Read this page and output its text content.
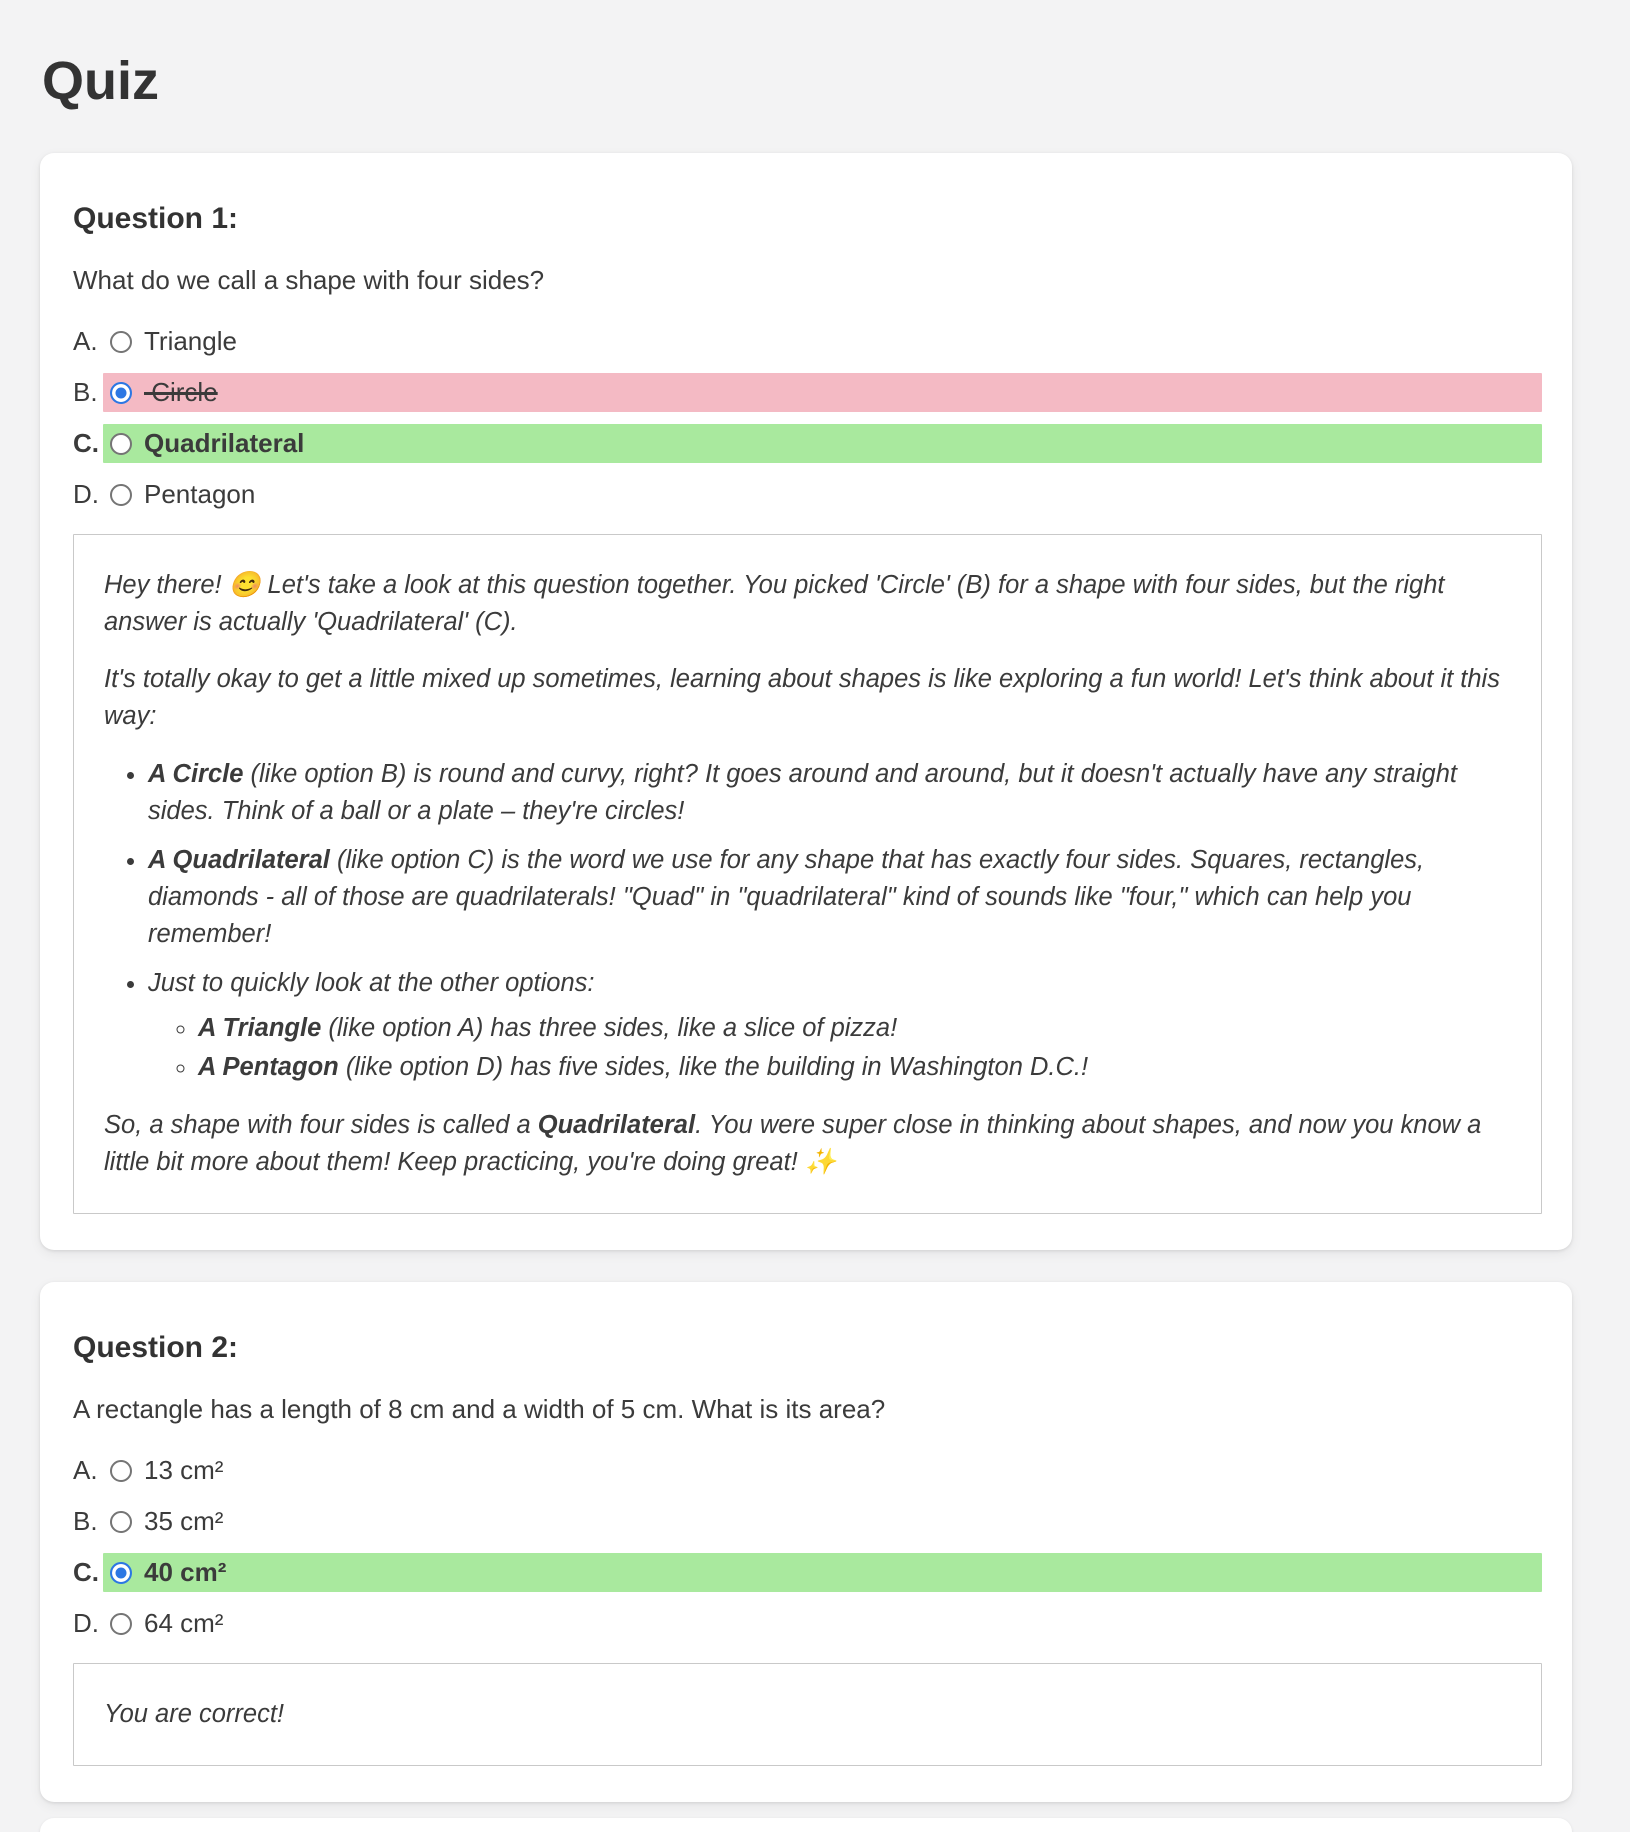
Quiz
Question 1:

What do we call a shape with four sides?

A. Triangle
B. Circle
C. Quadrilateral
D. Pentagon

Hey there! 😊 Let's take a look at this question together. You picked 'Circle' (B) for a shape with four sides, but the right answer is actually 'Quadrilateral' (C).

It's totally okay to get a little mixed up sometimes, learning about shapes is like exploring a fun world! Let's think about it this way:

• A Circle (like option B) is round and curvy, right? It goes around and around, but it doesn't actually have any straight sides. Think of a ball or a plate – they're circles!
• A Quadrilateral (like option C) is the word we use for any shape that has exactly four sides. Squares, rectangles, diamonds - all of those are quadrilaterals! "Quad" in "quadrilateral" kind of sounds like "four," which can help you remember!
• Just to quickly look at the other options:
◦ A Triangle (like option A) has three sides, like a slice of pizza!
◦ A Pentagon (like option D) has five sides, like the building in Washington D.C.!

So, a shape with four sides is called a Quadrilateral. You were super close in thinking about shapes, and now you know a little bit more about them! Keep practicing, you're doing great! ✨

Question 2:

A rectangle has a length of 8 cm and a width of 5 cm. What is its area?

A. 13 cm²
B. 35 cm²
C. 40 cm²
D. 64 cm²

You are correct!
